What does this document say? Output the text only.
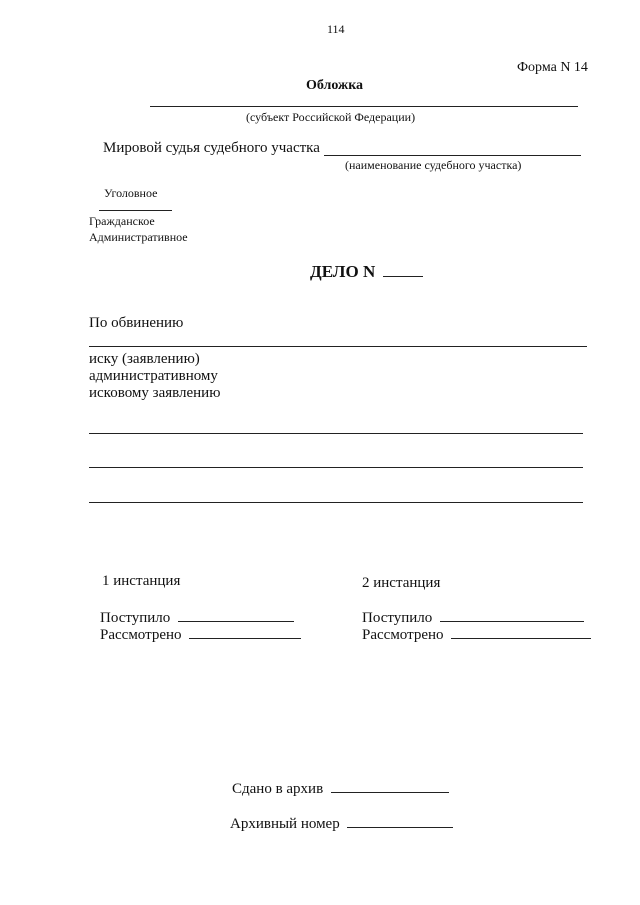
114
Форма N 14
Обложка
(субъект Российской Федерации)
Мировой судья судебного участка
(наименование судебного участка)
Уголовное
Гражданское
Административное
ДЕЛО N
По обвинению
иску (заявлению)
административному
исковому заявлению
1 инстанция
Поступило
Рассмотрено
2 инстанция
Поступило
Рассмотрено
Сдано в архив
Архивный номер
